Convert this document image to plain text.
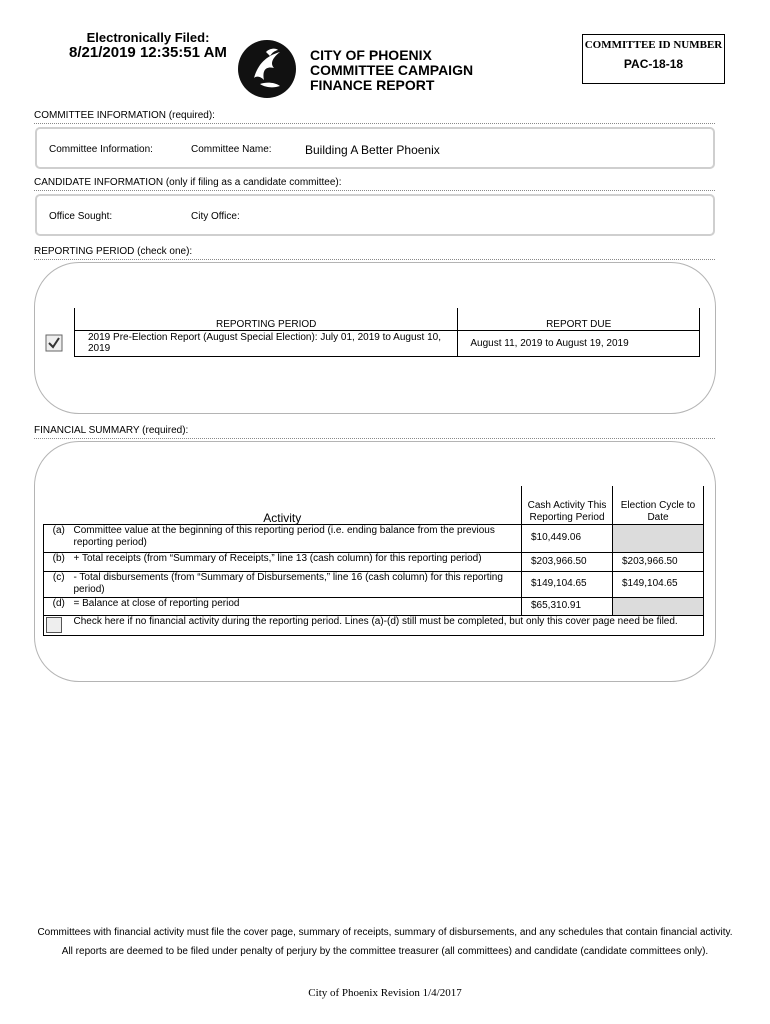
Electronically Filed:
8/21/2019 12:35:51 AM	CITY OF PHOENIX
COMMITTEE CAMPAIGN
FINANCE REPORT
COMMITTEE ID NUMBER
PAC-18-18
COMMITTEE INFORMATION (required):
Committee Information:	Committee Name:	Building A Better Phoenix
CANDIDATE INFORMATION (only if filing as a candidate committee):
Office Sought:	City Office:
REPORTING PERIOD (check one):
REPORTING PERIOD	REPORT DUE
2019 Pre-Election Report (August Special Election): July 01, 2019 to August 10, 2019	August 11, 2019 to August 19, 2019
FINANCIAL SUMMARY (required):
Activity		Cash Activity This Reporting Period	Election Cycle to Date
(a)	Committee value at the beginning of this reporting period (i.e. ending balance from the previous reporting period)	$10,449.06	
(b)	+ Total receipts (from “Summary of Receipts,” line 13 (cash column) for this reporting period)	$203,966.50	$203,966.50
(c)	- Total disbursements (from “Summary of Disbursements,” line 16 (cash column) for this reporting period)	$149,104.65	$149,104.65
(d)	= Balance at close of reporting period	$65,310.91	

	Check here if no financial activity during the reporting period. Lines (a)-(d) still must be completed, but only this cover page need be filed.		
Committees with financial activity must file the cover page, summary of receipts, summary of disbursements, and any schedules that contain financial activity.
All reports are deemed to be filed under penalty of perjury by the committee treasurer (all committees) and candidate (candidate committees only).
City of Phoenix Revision 1/4/2017
